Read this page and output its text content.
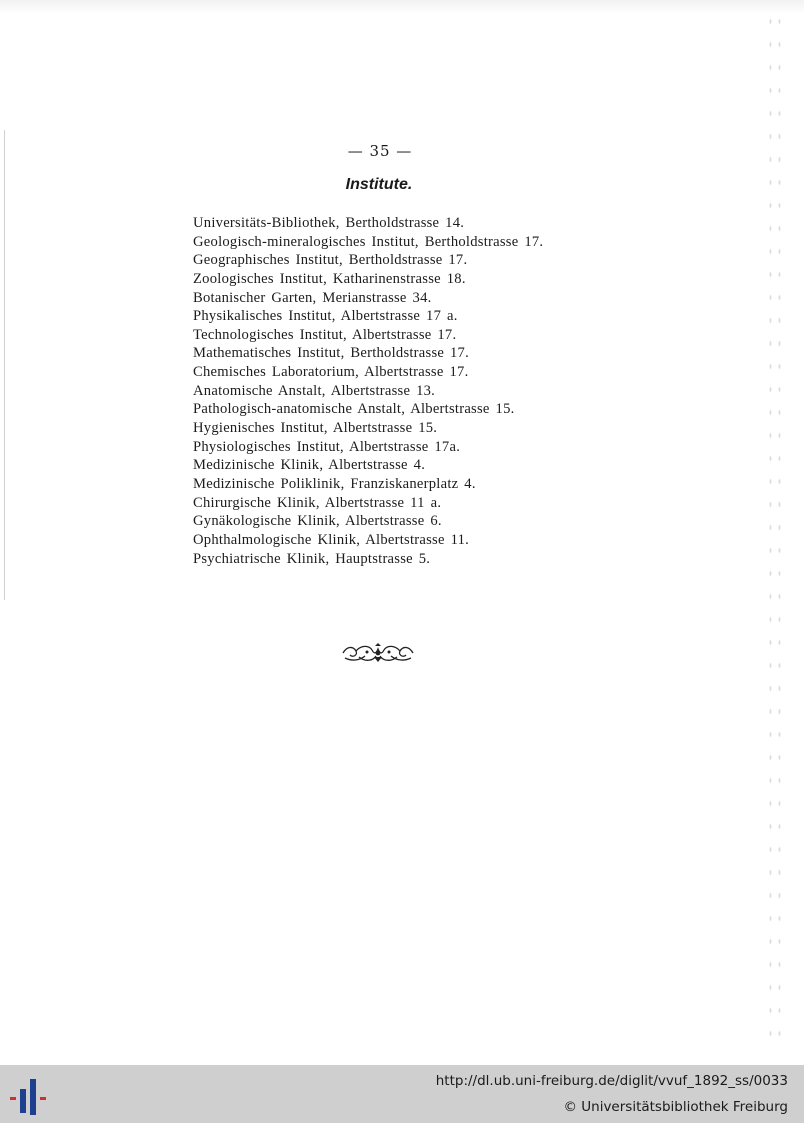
— 35 —
Institute.
Universitäts-Bibliothek, Bertholdstrasse 14.
Geologisch-mineralogisches Institut, Bertholdstrasse 17.
Geographisches Institut, Bertholdstrasse 17.
Zoologisches Institut, Katharinenstrasse 18.
Botanischer Garten, Merianstrasse 34.
Physikalisches Institut, Albertstrasse 17 a.
Technologisches Institut, Albertstrasse 17.
Mathematisches Institut, Bertholdstrasse 17.
Chemisches Laboratorium, Albertstrasse 17.
Anatomische Anstalt, Albertstrasse 13.
Pathologisch-anatomische Anstalt, Albertstrasse 15.
Hygienisches Institut, Albertstrasse 15.
Physiologisches Institut, Albertstrasse 17a.
Medizinische Klinik, Albertstrasse 4.
Medizinische Poliklinik, Franziskanerplatz 4.
Chirurgische Klinik, Albertstrasse 11 a.
Gynäkologische Klinik, Albertstrasse 6.
Ophthalmologische Klinik, Albertstrasse 11.
Psychiatrische Klinik, Hauptstrasse 5.
http://dl.ub.uni-freiburg.de/diglit/vvuf_1892_ss/0033
© Universitätsbibliothek Freiburg
